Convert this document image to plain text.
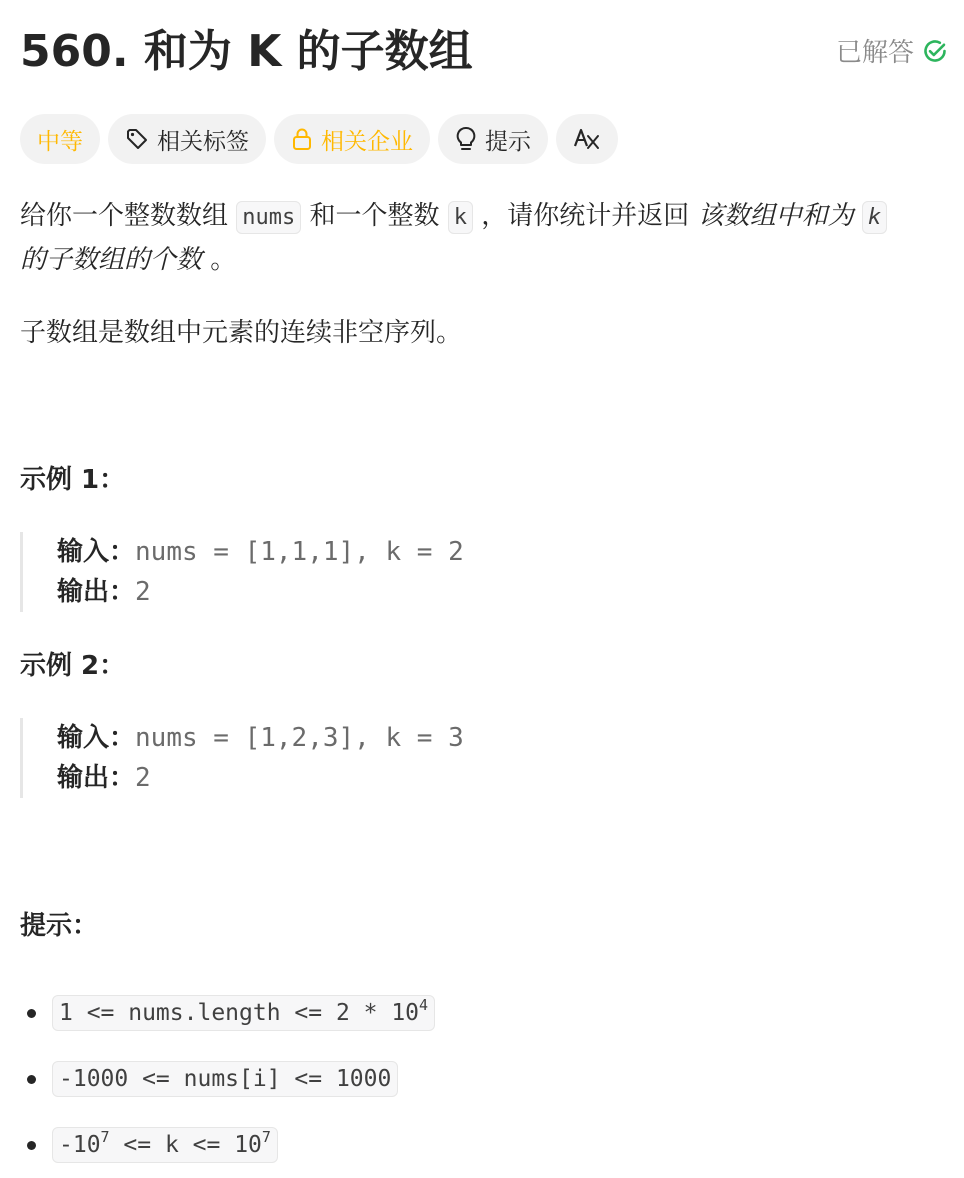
560. 和为 K 的子数组	已解答
中等	相关标签	相关企业	提示
给你一个整数数组 nums 和一个整数 k ，请你统计并返回 该数组中和为 k 的子数组的个数 。
子数组是数组中元素的连续非空序列。
示例 1：
输入：nums = [1,1,1], k = 2
输出：2
示例 2：
输入：nums = [1,2,3], k = 3
输出：2
提示：
1 <= nums.length <= $2 * 10^4$
-1000 <= nums[i] <= 1000
$-10^7 <= k <= 10^7$
